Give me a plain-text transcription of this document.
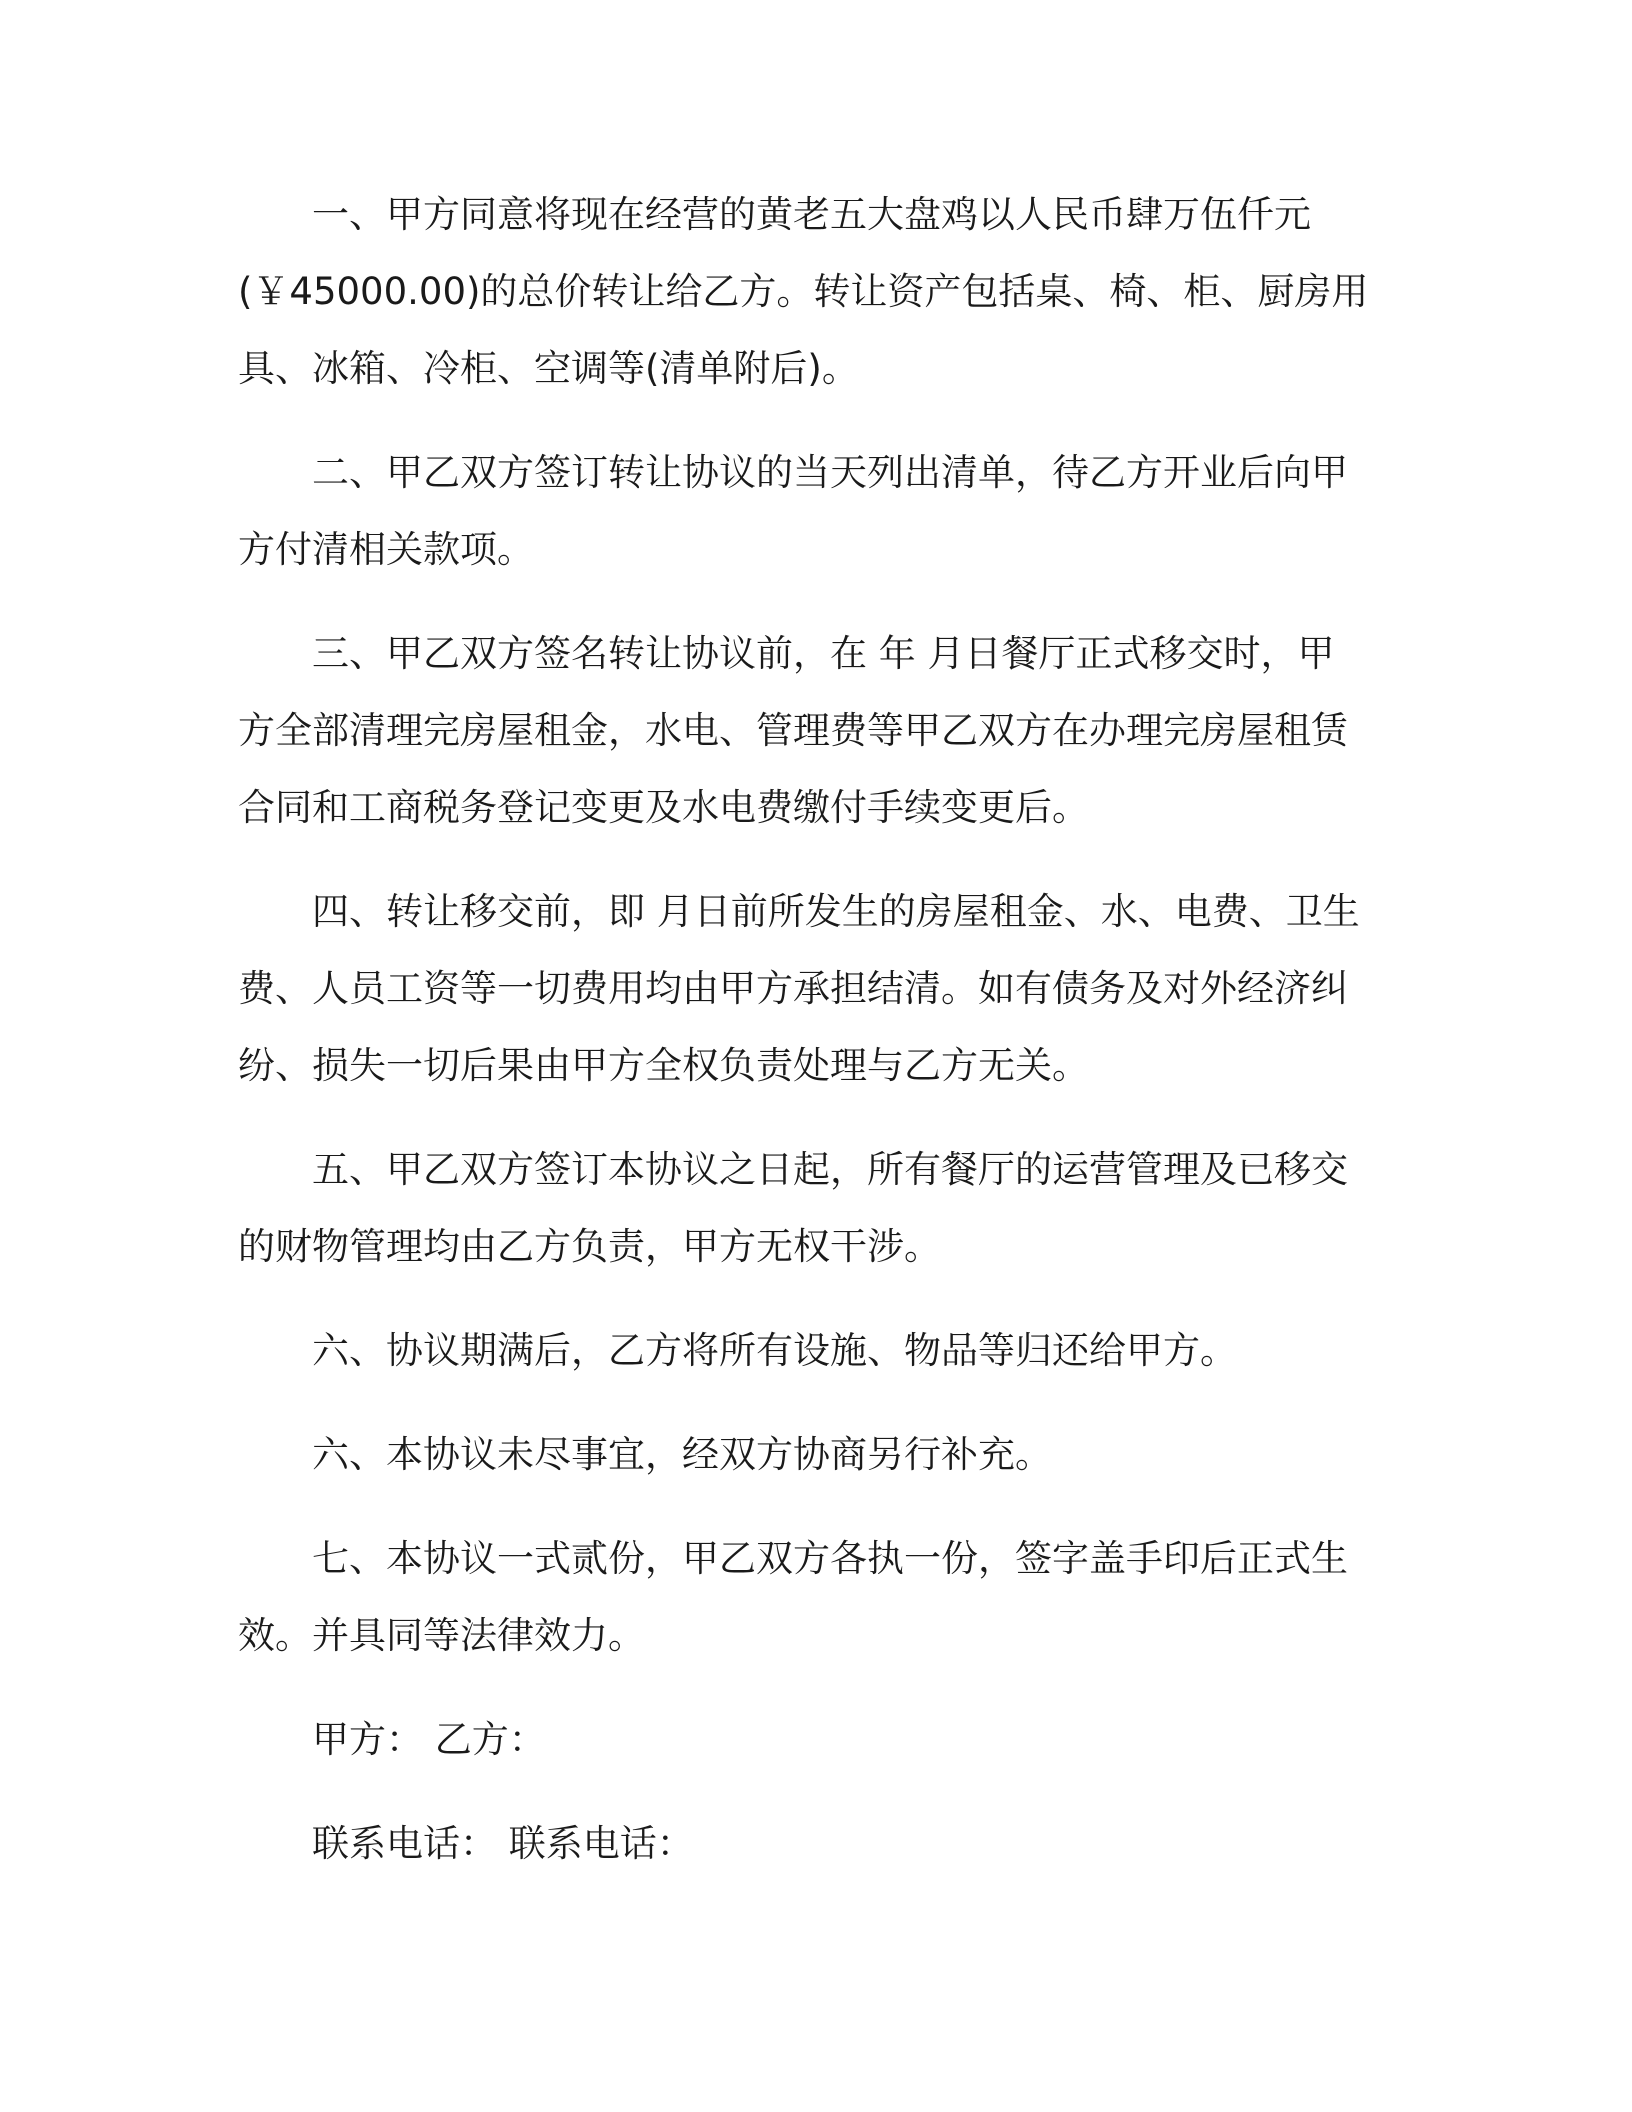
一、甲方同意将现在经营的黄老五大盘鸡以人民币肆万伍仟元
(￥45000.00)的总价转让给乙方。转让资产包括桌、椅、柜、厨房用
具、冰箱、冷柜、空调等(清单附后)。
二、甲乙双方签订转让协议的当天列出清单，待乙方开业后向甲
方付清相关款项。
三、甲乙双方签名转让协议前，在 年 月日餐厅正式移交时，甲
方全部清理完房屋租金，水电、管理费等甲乙双方在办理完房屋租赁
合同和工商税务登记变更及水电费缴付手续变更后。
四、转让移交前，即 月日前所发生的房屋租金、水、电费、卫生
费、人员工资等一切费用均由甲方承担结清。如有债务及对外经济纠
纷、损失一切后果由甲方全权负责处理与乙方无关。
五、甲乙双方签订本协议之日起，所有餐厅的运营管理及已移交
的财物管理均由乙方负责，甲方无权干涉。
六、协议期满后，乙方将所有设施、物品等归还给甲方。
六、本协议未尽事宜，经双方协商另行补充。
七、本协议一式贰份，甲乙双方各执一份，签字盖手印后正式生
效。并具同等法律效力。
甲方： 乙方：
联系电话： 联系电话：
